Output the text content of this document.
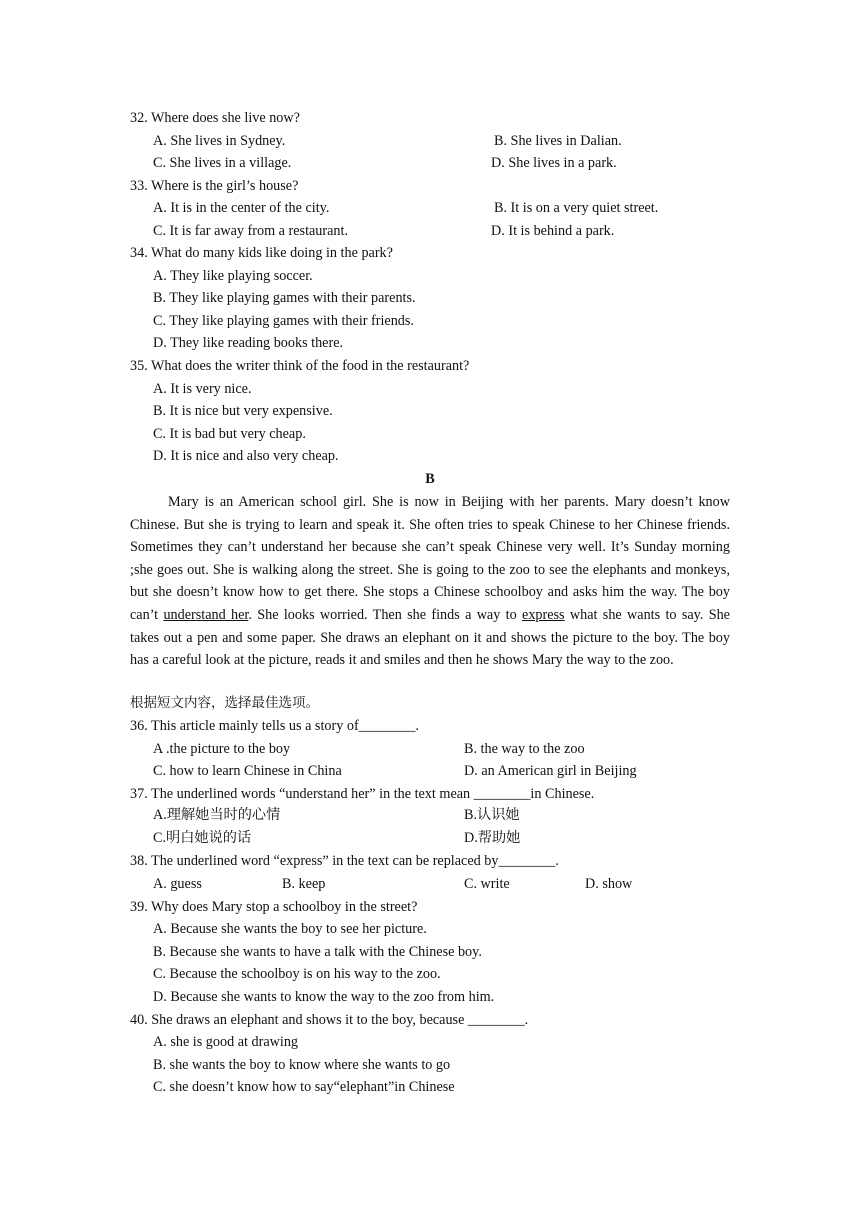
32. Where does she live now?
A. She lives in Sydney.	B. She lives in Dalian.
C. She lives in a village.	D. She lives in a park.
33. Where is the girl’s house?
A. It is in the center of the city.	B. It is on a very quiet street.
C. It is far away from a restaurant.	D. It is behind a park.
34. What do many kids like doing in the park?
A. They like playing soccer.
B. They like playing games with their parents.
C. They like playing games with their friends.
D. They like reading books there.
35. What does the writer think of the food in the restaurant?
A. It is very nice.
B. It is nice but very expensive.
C. It is bad but very cheap.
D. It is nice and also very cheap.
B
Mary is an American school girl. She is now in Beijing with her parents. Mary doesn’t know Chinese. But she is trying to learn and speak it. She often tries to speak Chinese to her Chinese friends. Sometimes they can’t understand her because she can’t speak Chinese very well. It’s Sunday morning ;she goes out. She is walking along the street. She is going to the zoo to see the elephants and monkeys, but she doesn’t know how to get there. She stops a Chinese schoolboy and asks him the way. The boy can’t understand her. She looks worried. Then she finds a way to express what she wants to say. She takes out a pen and some paper. She draws an elephant on it and shows the picture to the boy. The boy has a careful look at the picture, reads it and smiles and then he shows Mary the way to the zoo.
根据短文内容，选择最佳选项。
36. This article mainly tells us a story of________.
A .the picture to the boy	B. the way to the zoo
C. how to learn Chinese in China	D. an American girl in Beijing
37. The underlined words “understand her” in the text mean ________in Chinese.
A.理解她当时的心情	B.认识她
C.明白她说的话	D.帮助她
38. The underlined word “express” in the text can be replaced by________.
A. guess	B. keep	C. write	D. show
39. Why does Mary stop a schoolboy in the street?
A. Because she wants the boy to see her picture.
B. Because she wants to have a talk with the Chinese boy.
C. Because the schoolboy is on his way to the zoo.
D. Because she wants to know the way to the zoo from him.
40. She draws an elephant and shows it to the boy, because ________.
A. she is good at drawing
B. she wants the boy to know where she wants to go
C. she doesn’t know how to say“elephant”in Chinese
